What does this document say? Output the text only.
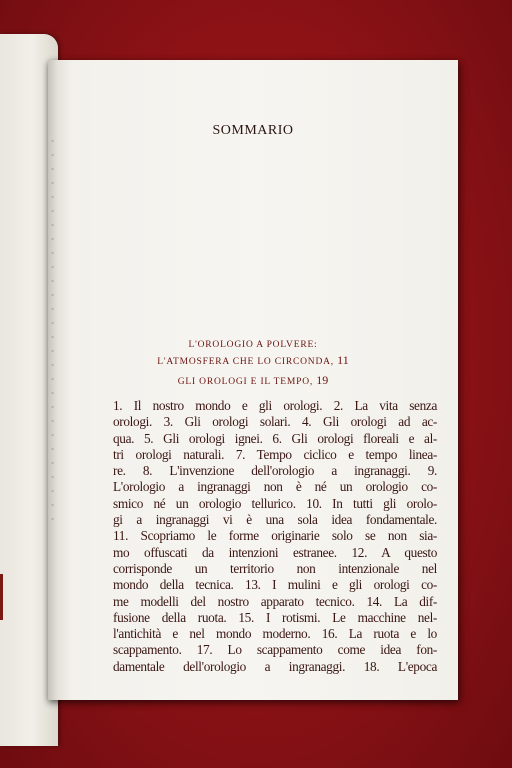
SOMMARIO
L'OROLOGIO A POLVERE:
L'ATMOSFERA CHE LO CIRCONDA, 11
GLI OROLOGI E IL TEMPO, 19
1. Il nostro mondo e gli orologi. 2. La vita senza
orologi. 3. Gli orologi solari. 4. Gli orologi ad ac-
qua. 5. Gli orologi ignei. 6. Gli orologi floreali e al-
tri orologi naturali. 7. Tempo ciclico e tempo linea-
re. 8. L'invenzione dell'orologio a ingranaggi. 9.
L'orologio a ingranaggi non è né un orologio co-
smico né un orologio tellurico. 10. In tutti gli orolo-
gi a ingranaggi vi è una sola idea fondamentale.
11. Scopriamo le forme originarie solo se non sia-
mo offuscati da intenzioni estranee. 12. A questo
corrisponde un territorio non intenzionale nel
mondo della tecnica. 13. I mulini e gli orologi co-
me modelli del nostro apparato tecnico. 14. La dif-
fusione della ruota. 15. I rotismi. Le macchine nel-
l'antichità e nel mondo moderno. 16. La ruota e lo
scappamento. 17. Lo scappamento come idea fon-
damentale dell'orologio a ingranaggi. 18. L'epoca
